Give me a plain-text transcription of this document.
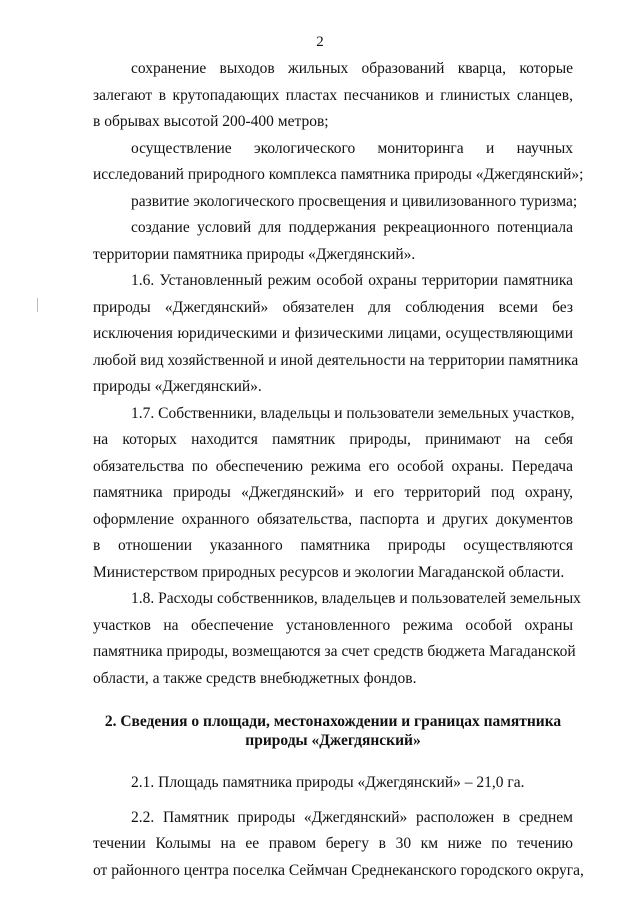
2
сохранение выходов жильных образований кварца, которые
залегают в крутопадающих пластах песчаников и глинистых сланцев,
в обрывах высотой 200-400 метров;
осуществление экологического мониторинга и научных
исследований природного комплекса памятника природы «Джегдянский»;
развитие экологического просвещения и цивилизованного туризма;
создание условий для поддержания рекреационного потенциала
территории памятника природы «Джегдянский».
1.6. Установленный режим особой охраны территории памятника
природы «Джегдянский» обязателен для соблюдения всеми без
исключения юридическими и физическими лицами, осуществляющими
любой вид хозяйственной и иной деятельности на территории памятника
природы «Джегдянский».
1.7. Собственники, владельцы и пользователи земельных участков,
на которых находится памятник природы, принимают на себя
обязательства по обеспечению режима его особой охраны. Передача
памятника природы «Джегдянский» и его территорий под охрану,
оформление охранного обязательства, паспорта и других документов
в отношении указанного памятника природы осуществляются
Министерством природных ресурсов и экологии Магаданской области.
1.8. Расходы собственников, владельцев и пользователей земельных
участков на обеспечение установленного режима особой охраны
памятника природы, возмещаются за счет средств бюджета Магаданской
области, а также средств внебюджетных фондов.
2. Сведения о площади, местонахождении и границах памятника
природы «Джегдянский»
2.1. Площадь памятника природы «Джегдянский» – 21,0 га.
2.2. Памятник природы «Джегдянский» расположен в среднем
течении Колымы на ее правом берегу в 30 км ниже по течению
от районного центра поселка Сеймчан Среднеканского городского округа,
